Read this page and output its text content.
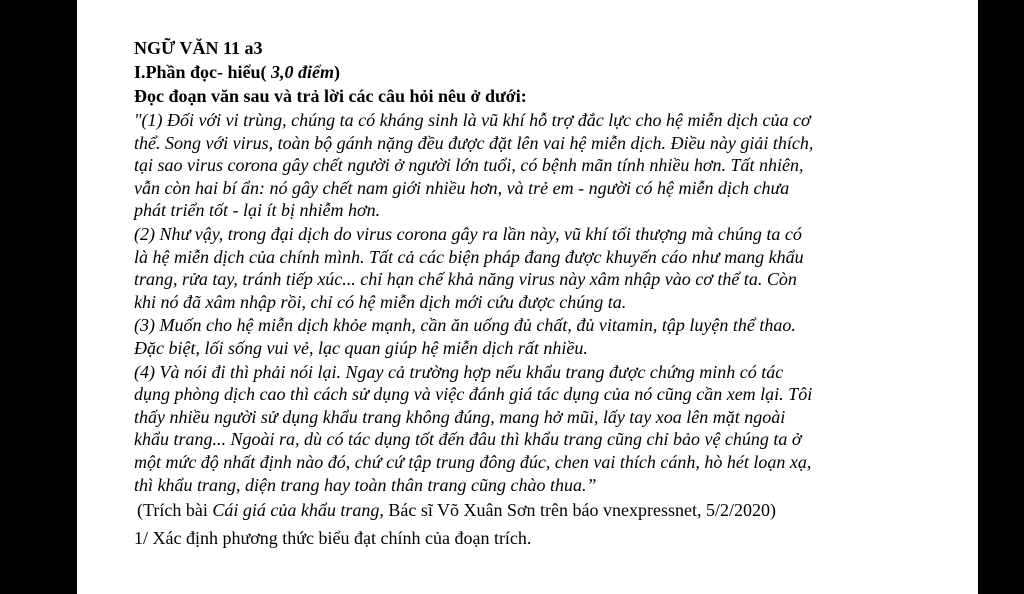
NGỮ VĂN 11 a3
I.Phần đọc- hiểu( 3,0 điểm)
Đọc đoạn văn sau và trả lời các câu hỏi nêu ở dưới:
"(1) Đối với vi trùng, chúng ta có kháng sinh là vũ khí hỗ trợ đắc lực cho hệ miễn dịch của cơ
thể. Song với virus, toàn bộ gánh nặng đều được đặt lên vai hệ miễn dịch. Điều này giải thích,
tại sao virus corona gây chết người ở người lớn tuổi, có bệnh mãn tính nhiều hơn. Tất nhiên,
vẫn còn hai bí ẩn: nó gây chết nam giới nhiều hơn, và trẻ em - người có hệ miễn dịch chưa
phát triển tốt - lại ít bị nhiễm hơn.
(2) Như vậy, trong đại dịch do virus corona gây ra lần này, vũ khí tối thượng mà chúng ta có
là hệ miễn dịch của chính mình. Tất cả các biện pháp đang được khuyến cáo như mang khẩu
trang, rửa tay, tránh tiếp xúc... chỉ hạn chế khả năng virus này xâm nhập vào cơ thể ta. Còn
khi nó đã xâm nhập rồi, chỉ có hệ miễn dịch mới cứu được chúng ta.
(3) Muốn cho hệ miễn dịch khỏe mạnh, cần ăn uống đủ chất, đủ vitamin, tập luyện thể thao.
Đặc biệt, lối sống vui vẻ, lạc quan giúp hệ miễn dịch rất nhiều.
(4) Và nói đi thì phải nói lại. Ngay cả trường hợp nếu khẩu trang được chứng minh có tác
dụng phòng dịch cao thì cách sử dụng và việc đánh giá tác dụng của nó cũng cần xem lại. Tôi
thấy nhiều người sử dụng khẩu trang không đúng, mang hở mũi, lấy tay xoa lên mặt ngoài
khẩu trang... Ngoài ra, dù có tác dụng tốt đến đâu thì khẩu trang cũng chỉ bảo vệ chúng ta ở
một mức độ nhất định nào đó, chứ cứ tập trung đông đúc, chen vai thích cánh, hò hét loạn xạ,
thì khẩu trang, diện trang hay toàn thân trang cũng chào thua.”
(Trích bài Cái giá của khẩu trang, Bác sĩ Võ Xuân Sơn trên báo vnexpressnet, 5/2/2020)
1/ Xác định phương thức biểu đạt chính của đoạn trích.
